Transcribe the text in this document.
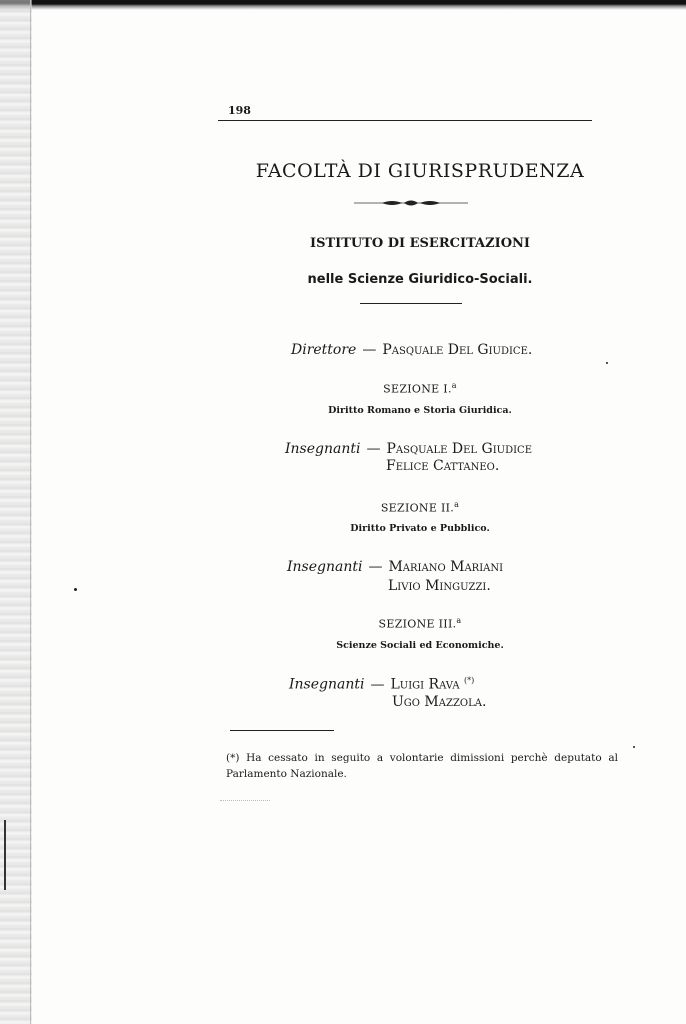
198
FACOLTÀ DI GIURISPRUDENZA
ISTITUTO DI ESERCITAZIONI
nelle Scienze Giuridico-Sociali.
Direttore — Pasquale Del Giudice.
SEZIONE I.$^a$
Diritto Romano e Storia Giuridica.
Insegnanti — Pasquale Del Giudice
Felice Cattaneo.
SEZIONE II.$^a$
Diritto Privato e Pubblico.
Insegnanti — Mariano Mariani
Livio Minguzzi.
SEZIONE III.$^a$
Scienze Sociali ed Economiche.
Insegnanti — Luigi Rava (*)
Ugo Mazzola.
(*) Ha cessato in seguito a volontarie dimissioni perchè deputato al Parlamento Nazionale.
